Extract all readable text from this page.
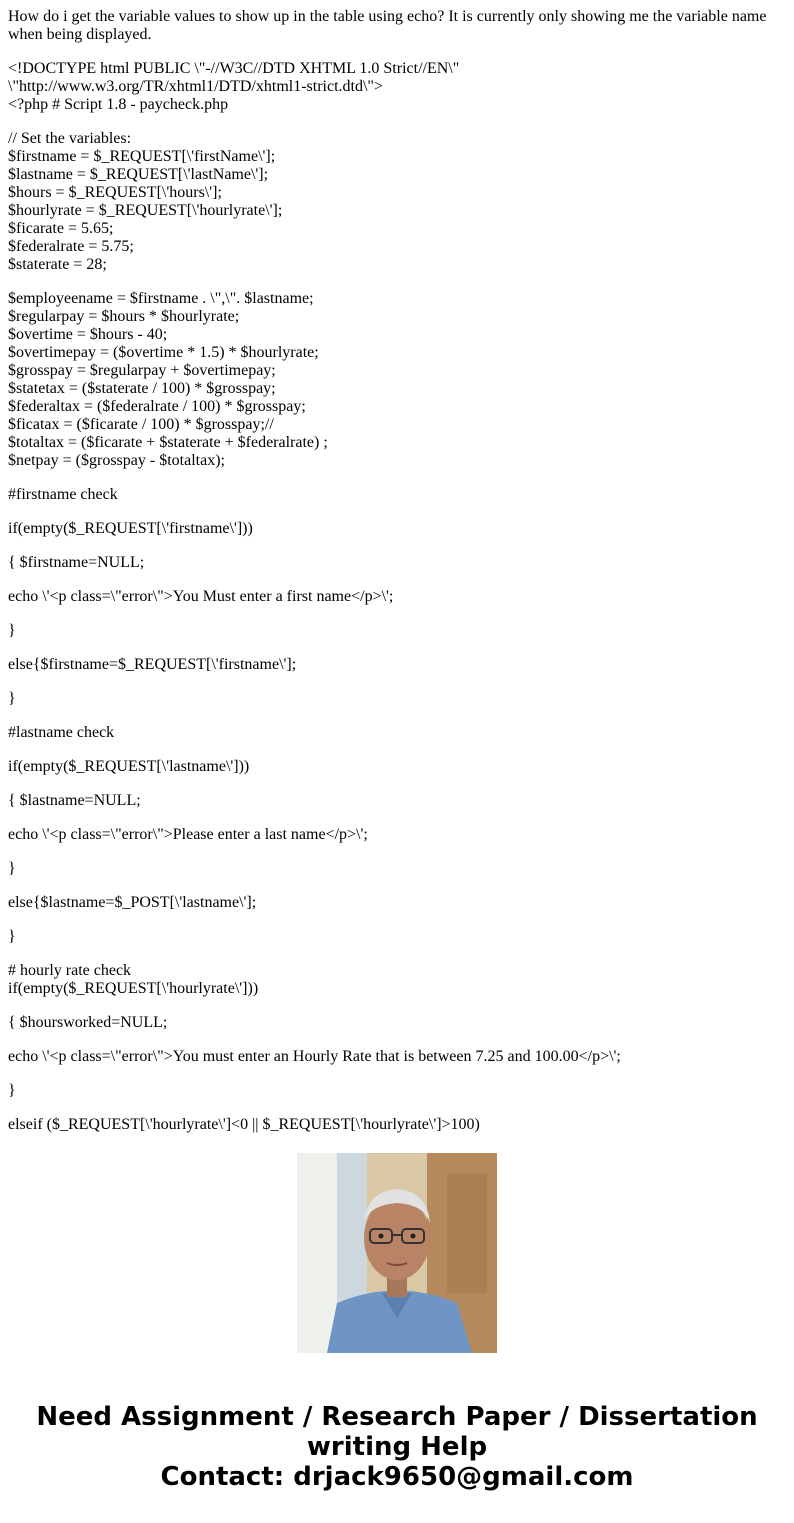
How do i get the variable values to show up in the table using echo? It is currently only showing me the variable name when being displayed.

<!DOCTYPE html PUBLIC \"-//W3C//DTD XHTML 1.0 Strict//EN\"
\"http://www.w3.org/TR/xhtml1/DTD/xhtml1-strict.dtd\">
<?php # Script 1.8 - paycheck.php

// Set the variables:
$firstname = $_REQUEST[\'firstName\'];
$lastname = $_REQUEST[\'lastName\'];
$hours = $_REQUEST[\'hours\'];
$hourlyrate = $_REQUEST[\'hourlyrate\'];
$ficarate = 5.65;
$federalrate = 5.75;
$staterate = 28;

$employeename = $firstname . \",\". $lastname;
$regularpay = $hours * $hourlyrate;
$overtime = $hours - 40;
$overtimepay = ($overtime * 1.5) * $hourlyrate;
$grosspay = $regularpay + $overtimepay;
$statetax = ($staterate / 100) * $grosspay;
$federaltax = ($federalrate / 100) * $grosspay;
$ficatax = ($ficarate / 100) * $grosspay;//
$totaltax = ($ficarate + $staterate + $federalrate) ;
$netpay = ($grosspay - $totaltax);

#firstname check

if(empty($_REQUEST[\'firstname\']))

{ $firstname=NULL;

echo \'<p class=\"error\">You Must enter a first name</p>\';

}

else{$firstname=$_REQUEST[\'firstname\'];

}

#lastname check

if(empty($_REQUEST[\'lastname\']))

{ $lastname=NULL;

echo \'<p class=\"error\">Please enter a last name</p>\';

}

else{$lastname=$_POST[\'lastname\'];

}

# hourly rate check
if(empty($_REQUEST[\'hourlyrate\']))

{ $hoursworked=NULL;

echo \'<p class=\"error\">You must enter an Hourly Rate that is between 7.25 and 100.00</p>\';

}

elseif ($_REQUEST[\'hourlyrate\']<0 || $_REQUEST[\'hourlyrate\']>100)

Need Assignment / Research Paper / Dissertation
writing Help
Contact: drjack9650@gmail.com
